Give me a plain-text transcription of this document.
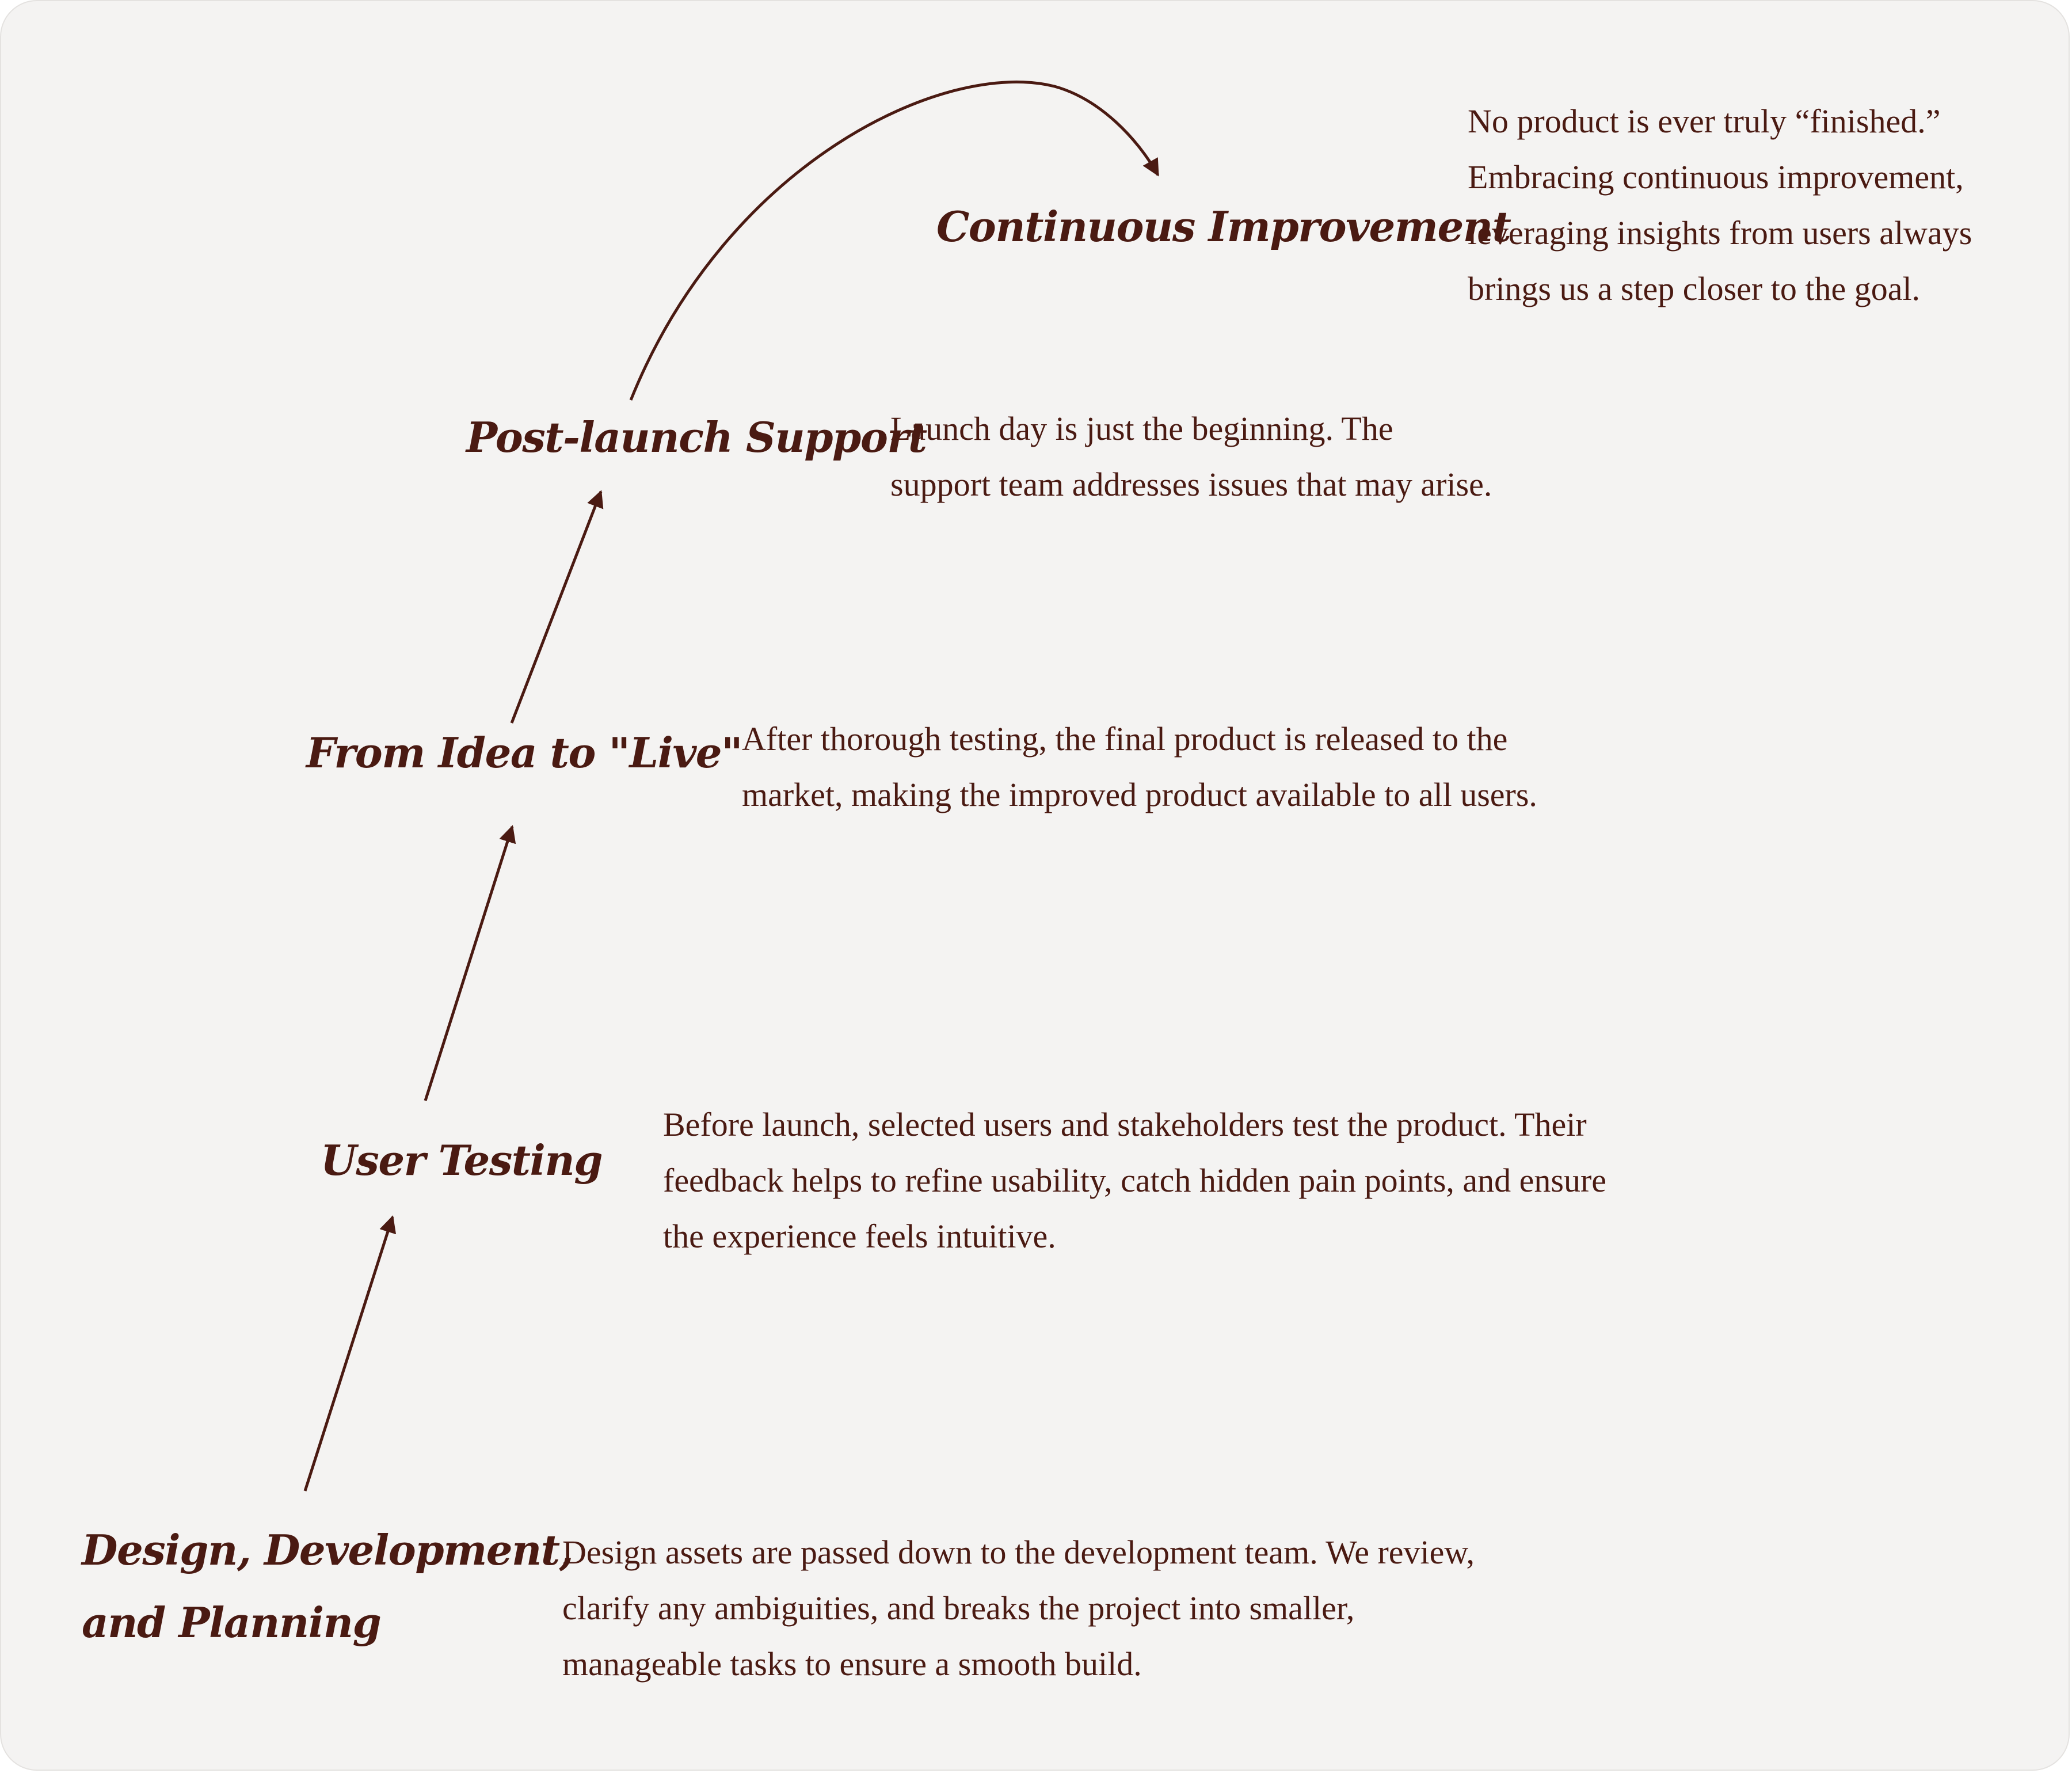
Design, Development,
and Planning

Design assets are passed down to the development team. We review,
clarify any ambiguities, and breaks the project into smaller,
manageable tasks to ensure a smooth build.

User Testing

Before launch, selected users and stakeholders test the product. Their
feedback helps to refine usability, catch hidden pain points, and ensure
the experience feels intuitive.

From Idea to "Live" After thorough testing, the final product is released to the
market, making the improved product available to all users.

Post-launch Support

Launch day is just the beginning. The
support team addresses issues that may arise.

Continuous Improvement

No product is ever truly “finished.”
Embracing continuous improvement,
leveraging insights from users always
brings us a step closer to the goal.
